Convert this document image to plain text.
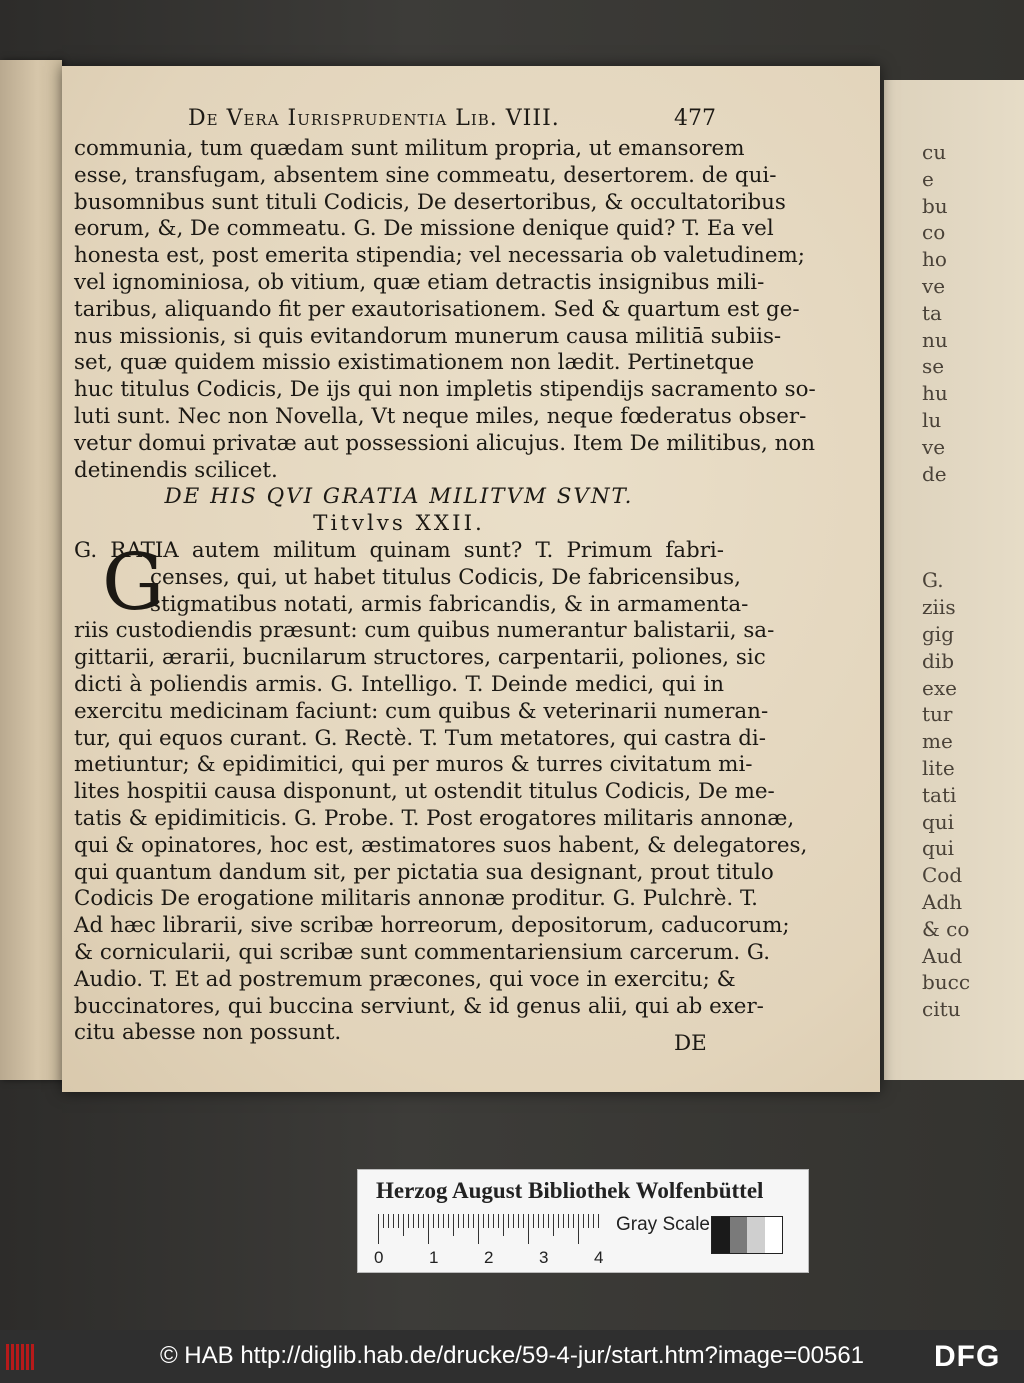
cu
e
bu
co
ho
ve
ta
nu
se
hu
lu
ve
de
G.
ziis
gig
dib
exe
tur
me
lite
tati
qui
qui
Cod
Adh
& co
Aud
bucc
citu
De Vera Iurisprudentia Lib. VIII.	477
communia, tum quædam sunt militum propria, ut emansorem
esse, transfugam, absentem sine commeatu, desertorem. de qui-
busomnibus sunt tituli Codicis, De desertoribus, & occultatoribus
eorum, &, De commeatu. G. De missione denique quid? T. Ea vel
honesta est, post emerita stipendia; vel necessaria ob valetudinem;
vel ignominiosa, ob vitium, quæ etiam detractis insignibus mili-
taribus, aliquando fit per exautorisationem. Sed & quartum est ge-
nus missionis, si quis evitandorum munerum causa militiā subiis-
set, quæ quidem missio existimationem non lædit. Pertinetque
huc titulus Codicis, De ijs qui non impletis stipendijs sacramento so-
luti sunt. Nec non Novella, Vt neque miles, neque fœderatus obser-
vetur domui privatæ aut possessioni alicujus. Item De militibus, non
detinendis scilicet.
DE HIS QVI GRATIA MILITVM SVNT.
Titvlvs XXII.
G. RATIA autem militum quinam sunt? T. Primum fabri-
censes, qui, ut habet titulus Codicis, De fabricensibus,
stigmatibus notati, armis fabricandis, & in armamenta-
riis custodiendis præsunt: cum quibus numerantur balistarii, sa-
gittarii, ærarii, bucnilarum structores, carpentarii, poliones, sic
dicti à poliendis armis. G. Intelligo. T. Deinde medici, qui in
exercitu medicinam faciunt: cum quibus & veterinarii numeran-
tur, qui equos curant. G. Rectè. T. Tum metatores, qui castra di-
metiuntur; & epidimitici, qui per muros & turres civitatum mi-
lites hospitii causa disponunt, ut ostendit titulus Codicis, De me-
tatis & epidimiticis. G. Probe. T. Post erogatores militaris annonæ,
qui & opinatores, hoc est, æstimatores suos habent, & delegatores,
qui quantum dandum sit, per pictatia sua designant, prout titulo
Codicis De erogatione militaris annonæ proditur. G. Pulchrè. T.
Ad hæc librarii, sive scribæ horreorum, depositorum, caducorum;
& cornicularii, qui scribæ sunt commentariensium carcerum. G.
Audio. T. Et ad postremum præcones, qui voce in exercitu; &
buccinatores, qui buccina serviunt, & id genus alii, qui ab exer-
citu abesse non possunt.
G
DE
Herzog August Bibliothek Wolfenbüttel
0	1	2	3	4
Gray Scale
© HAB http://diglib.hab.de/drucke/59-4-jur/start.htm?image=00561	DFG
